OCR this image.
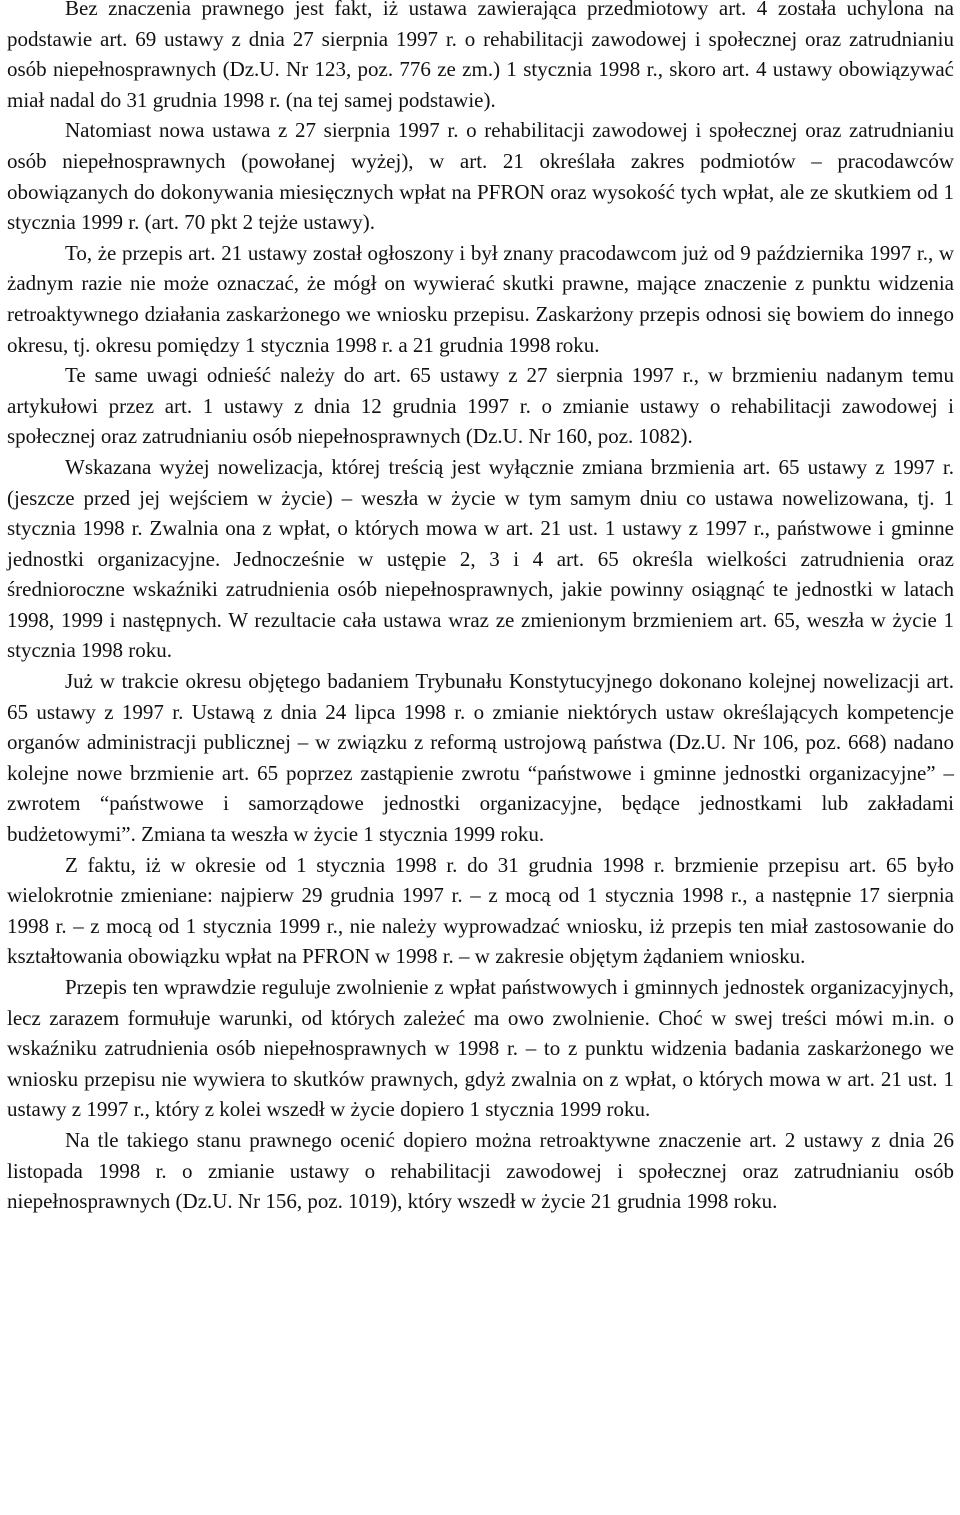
Bez znaczenia prawnego jest fakt, iż ustawa zawierająca przedmiotowy art. 4 została uchylona na podstawie art. 69 ustawy z dnia 27 sierpnia 1997 r. o rehabilitacji zawodowej i społecznej oraz zatrudnianiu osób niepełnosprawnych (Dz.U. Nr 123, poz. 776 ze zm.) 1 stycznia 1998 r., skoro art. 4 ustawy obowiązywać miał nadal do 31 grudnia 1998 r. (na tej samej podstawie).

Natomiast nowa ustawa z 27 sierpnia 1997 r. o rehabilitacji zawodowej i społecznej oraz zatrudnianiu osób niepełnosprawnych (powołanej wyżej), w art. 21 określała zakres podmiotów – pracodawców obowiązanych do dokonywania miesięcznych wpłat na PFRON oraz wysokość tych wpłat, ale ze skutkiem od 1 stycznia 1999 r. (art. 70 pkt 2 tejże ustawy).

To, że przepis art. 21 ustawy został ogłoszony i był znany pracodawcom już od 9 października 1997 r., w żadnym razie nie może oznaczać, że mógł on wywierać skutki prawne, mające znaczenie z punktu widzenia retroaktywnego działania zaskarżonego we wniosku przepisu. Zaskarżony przepis odnosi się bowiem do innego okresu, tj. okresu pomiędzy 1 stycznia 1998 r. a 21 grudnia 1998 roku.

Te same uwagi odnieść należy do art. 65 ustawy z 27 sierpnia 1997 r., w brzmieniu nadanym temu artykułowi przez art. 1 ustawy z dnia 12 grudnia 1997 r. o zmianie ustawy o rehabilitacji zawodowej i społecznej oraz zatrudnianiu osób niepełnosprawnych (Dz.U. Nr 160, poz. 1082).

Wskazana wyżej nowelizacja, której treścią jest wyłącznie zmiana brzmienia art. 65 ustawy z 1997 r. (jeszcze przed jej wejściem w życie) – weszła w życie w tym samym dniu co ustawa nowelizowana, tj. 1 stycznia 1998 r. Zwalnia ona z wpłat, o których mowa w art. 21 ust. 1 ustawy z 1997 r., państwowe i gminne jednostki organizacyjne. Jednocześnie w ustępie 2, 3 i 4 art. 65 określa wielkości zatrudnienia oraz średnioroczne wskaźniki zatrudnienia osób niepełnosprawnych, jakie powinny osiągnąć te jednostki w latach 1998, 1999 i następnych. W rezultacie cała ustawa wraz ze zmienionym brzmieniem art. 65, weszła w życie 1 stycznia 1998 roku.

Już w trakcie okresu objętego badaniem Trybunału Konstytucyjnego dokonano kolejnej nowelizacji art. 65 ustawy z 1997 r. Ustawą z dnia 24 lipca 1998 r. o zmianie niektórych ustaw określających kompetencje organów administracji publicznej – w związku z reformą ustrojową państwa (Dz.U. Nr 106, poz. 668) nadano kolejne nowe brzmienie art. 65 poprzez zastąpienie zwrotu “państwowe i gminne jednostki organizacyjne” – zwrotem “państwowe i samorządowe jednostki organizacyjne, będące jednostkami lub zakładami budżetowymi”. Zmiana ta weszła w życie 1 stycznia 1999 roku.

Z faktu, iż w okresie od 1 stycznia 1998 r. do 31 grudnia 1998 r. brzmienie przepisu art. 65 było wielokrotnie zmieniane: najpierw 29 grudnia 1997 r. – z mocą od 1 stycznia 1998 r., a następnie 17 sierpnia 1998 r. – z mocą od 1 stycznia 1999 r., nie należy wyprowadzać wniosku, iż przepis ten miał zastosowanie do kształtowania obowiązku wpłat na PFRON w 1998 r. – w zakresie objętym żądaniem wniosku.

Przepis ten wprawdzie reguluje zwolnienie z wpłat państwowych i gminnych jednostek organizacyjnych, lecz zarazem formułuje warunki, od których zależeć ma owo zwolnienie. Choć w swej treści mówi m.in. o wskaźniku zatrudnienia osób niepełnosprawnych w 1998 r. – to z punktu widzenia badania zaskarżonego we wniosku przepisu nie wywiera to skutków prawnych, gdyż zwalnia on z wpłat, o których mowa w art. 21 ust. 1 ustawy z 1997 r., który z kolei wszedł w życie dopiero 1 stycznia 1999 roku.

Na tle takiego stanu prawnego ocenić dopiero można retroaktywne znaczenie art. 2 ustawy z dnia 26 listopada 1998 r. o zmianie ustawy o rehabilitacji zawodowej i społecznej oraz zatrudnianiu osób niepełnosprawnych (Dz.U. Nr 156, poz. 1019), który wszedł w życie 21 grudnia 1998 roku.
